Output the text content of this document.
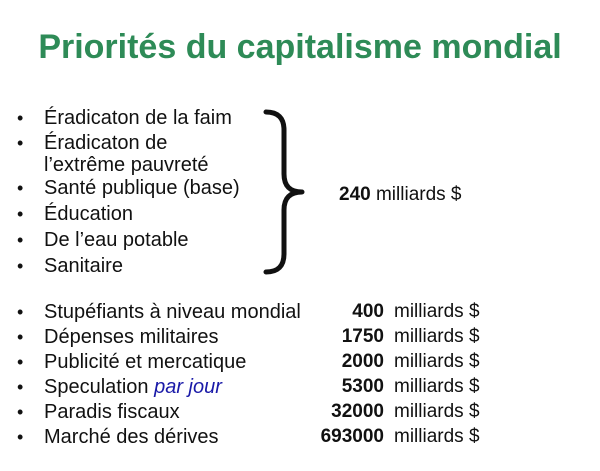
Priorités du capitalisme mondial
• Éradicaton de la faim
• Éradicaton de
l’extrême pauvreté
• Santé publique (base)
• Éducation
• De l’eau potable
• Sanitaire
240 milliards $
• Stupéfiants à niveau mondial	400 milliards $
• Dépenses militaires	1750 milliards $
• Publicité et mercatique	2000 milliards $
• Speculation par jour	5300 milliards $
• Paradis fiscaux	32000 milliards $
• Marché des dérives	693000 milliards $
